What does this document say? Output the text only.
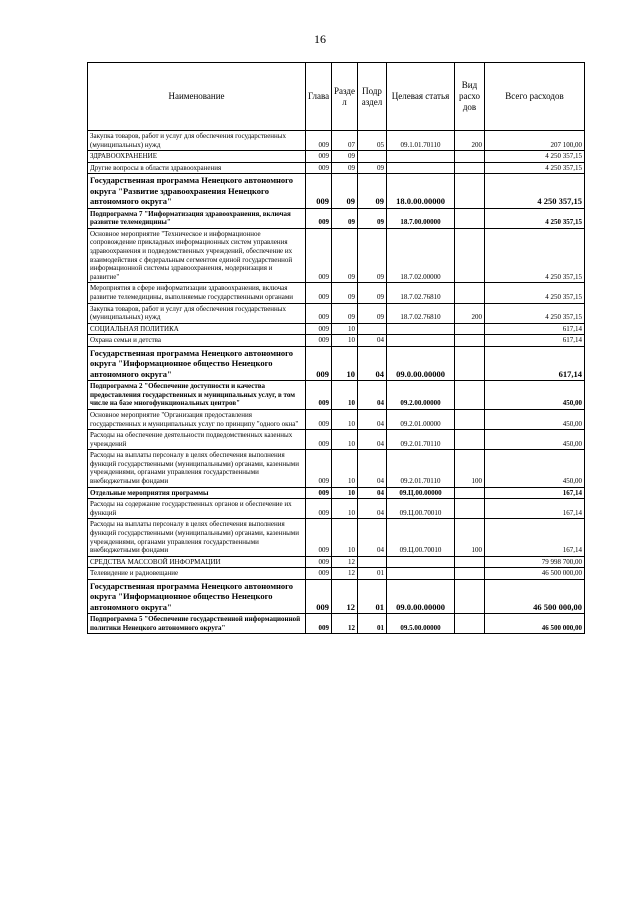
16
Наименование	Глава	Разде л	Подр аздел	Целевая статья	Вид расхо дов	Всего расходов
Закупка товаров, работ и услуг для обеспечения государственных (муниципальных) нужд	009	07	05	09.1.01.70110	200	207 100,00
ЗДРАВООХРАНЕНИЕ	009	09				4 250 357,15
Другие вопросы в области здравоохранения	009	09	09			4 250 357,15
Государственная программа Ненецкого автономного округа "Развитие здравоохранения Ненецкого автономного округа"	009	09	09	18.0.00.00000		4 250 357,15
Подпрограмма 7 "Информатизация здравоохранения, включая развитие телемедицины"	009	09	09	18.7.00.00000		4 250 357,15
Основное мероприятие "Техническое и информационное сопровождение прикладных информационных систем управления здравоохранения и подведомственных учреждений, обеспечение их взаимодействия с федеральным сегментом единой государственной информационной системы здравоохранения, модернизация и развитие"	009	09	09	18.7.02.00000		4 250 357,15
Мероприятия в сфере информатизации здравоохранения, включая развитие телемедицины, выполняемые государственными органами	009	09	09	18.7.02.76810		4 250 357,15
Закупка товаров, работ и услуг для обеспечения государственных (муниципальных) нужд	009	09	09	18.7.02.76810	200	4 250 357,15
СОЦИАЛЬНАЯ ПОЛИТИКА	009	10				617,14
Охрана семьи и детства	009	10	04			617,14
Государственная программа Ненецкого автономного округа "Информационное общество Ненецкого автономного округа"	009	10	04	09.0.00.00000		617,14
Подпрограмма 2 "Обеспечение доступности и качества предоставления государственных и муниципальных услуг, в том числе на базе многофункциональных центров"	009	10	04	09.2.00.00000		450,00
Основное мероприятие "Организация предоставления государственных и муниципальных услуг по принципу "одного окна"	009	10	04	09.2.01.00000		450,00
Расходы на обеспечение деятельности подведомственных казенных учреждений	009	10	04	09.2.01.70110		450,00
Расходы на выплаты персоналу в целях обеспечения выполнения функций государственными (муниципальными) органами, казенными учреждениями, органами управления государственными внебюджетными фондами	009	10	04	09.2.01.70110	100	450,00
Отдельные мероприятия программы	009	10	04	09.Ц.00.00000		167,14
Расходы на содержание государственных органов и обеспечение их функций	009	10	04	09.Ц.00.70010		167,14
Расходы на выплаты персоналу в целях обеспечения выполнения функций государственными (муниципальными) органами, казенными учреждениями, органами управления государственными внебюджетными фондами	009	10	04	09.Ц.00.70010	100	167,14
СРЕДСТВА МАССОВОЙ ИНФОРМАЦИИ	009	12				79 998 700,00
Телевидение и радиовещание	009	12	01			46 500 000,00
Государственная программа Ненецкого автономного округа "Информационное общество Ненецкого автономного округа"	009	12	01	09.0.00.00000		46 500 000,00
Подпрограмма 5 "Обеспечение государственной информационной политики Ненецкого автономного округа"	009	12	01	09.5.00.00000		46 500 000,00
